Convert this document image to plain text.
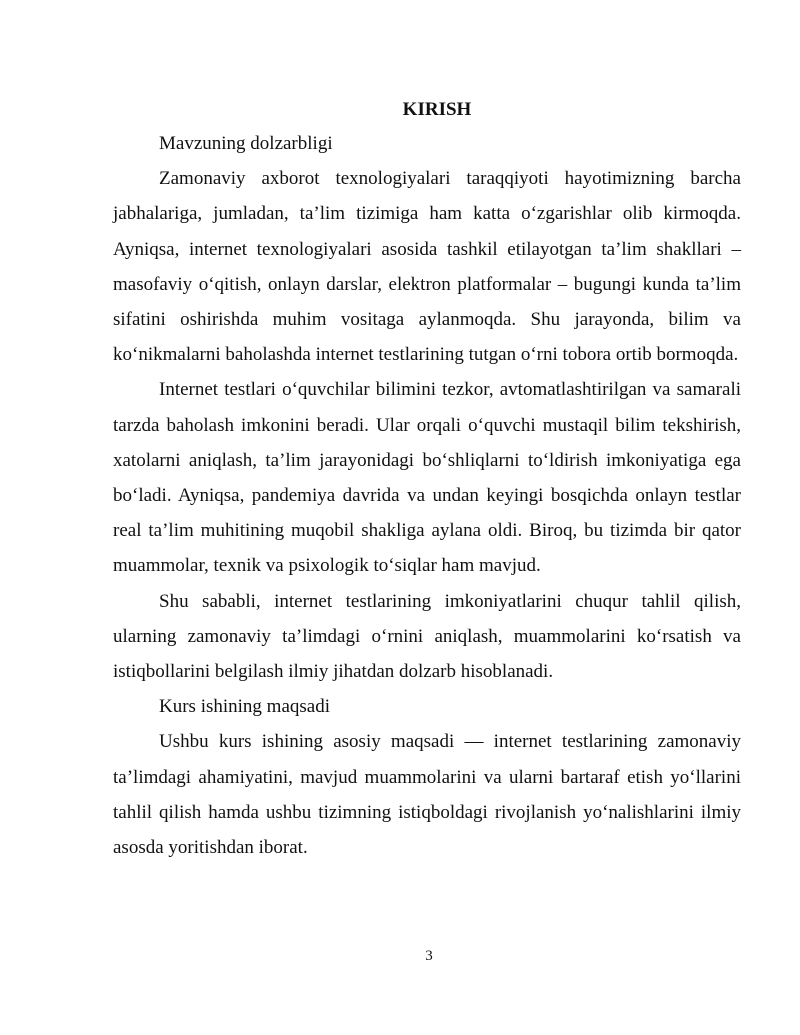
KIRISH

Mavzuning dolzarbligi

Zamonaviy axborot texnologiyalari taraqqiyoti hayotimizning barcha jabhalariga, jumladan, ta’lim tizimiga ham katta o‘zgarishlar olib kirmoqda. Ayniqsa, internet texnologiyalari asosida tashkil etilayotgan ta’lim shakllari – masofaviy o‘qitish, onlayn darslar, elektron platformalar – bugungi kunda ta’lim sifatini oshirishda muhim vositaga aylanmoqda. Shu jarayonda, bilim va ko‘nikmalarni baholashda internet testlarining tutgan o‘rni tobora ortib bormoqda.

Internet testlari o‘quvchilar bilimini tezkor, avtomatlashtirilgan va samarali tarzda baholash imkonini beradi. Ular orqali o‘quvchi mustaqil bilim tekshirish, xatolarni aniqlash, ta’lim jarayonidagi bo‘shliqlarni to‘ldirish imkoniyatiga ega bo‘ladi. Ayniqsa, pandemiya davrida va undan keyingi bosqichda onlayn testlar real ta’lim muhitining muqobil shakliga aylana oldi. Biroq, bu tizimda bir qator muammolar, texnik va psixologik to‘siqlar ham mavjud.

Shu sababli, internet testlarining imkoniyatlarini chuqur tahlil qilish, ularning zamonaviy ta’limdagi o‘rnini aniqlash, muammolarini ko‘rsatish va istiqbollarini belgilash ilmiy jihatdan dolzarb hisoblanadi.

Kurs ishining maqsadi

Ushbu kurs ishining asosiy maqsadi — internet testlarining zamonaviy ta’limdagi ahamiyatini, mavjud muammolarini va ularni bartaraf etish yo‘llarini tahlil qilish hamda ushbu tizimning istiqboldagi rivojlanish yo‘nalishlarini ilmiy asosda yoritishdan iborat.

3
